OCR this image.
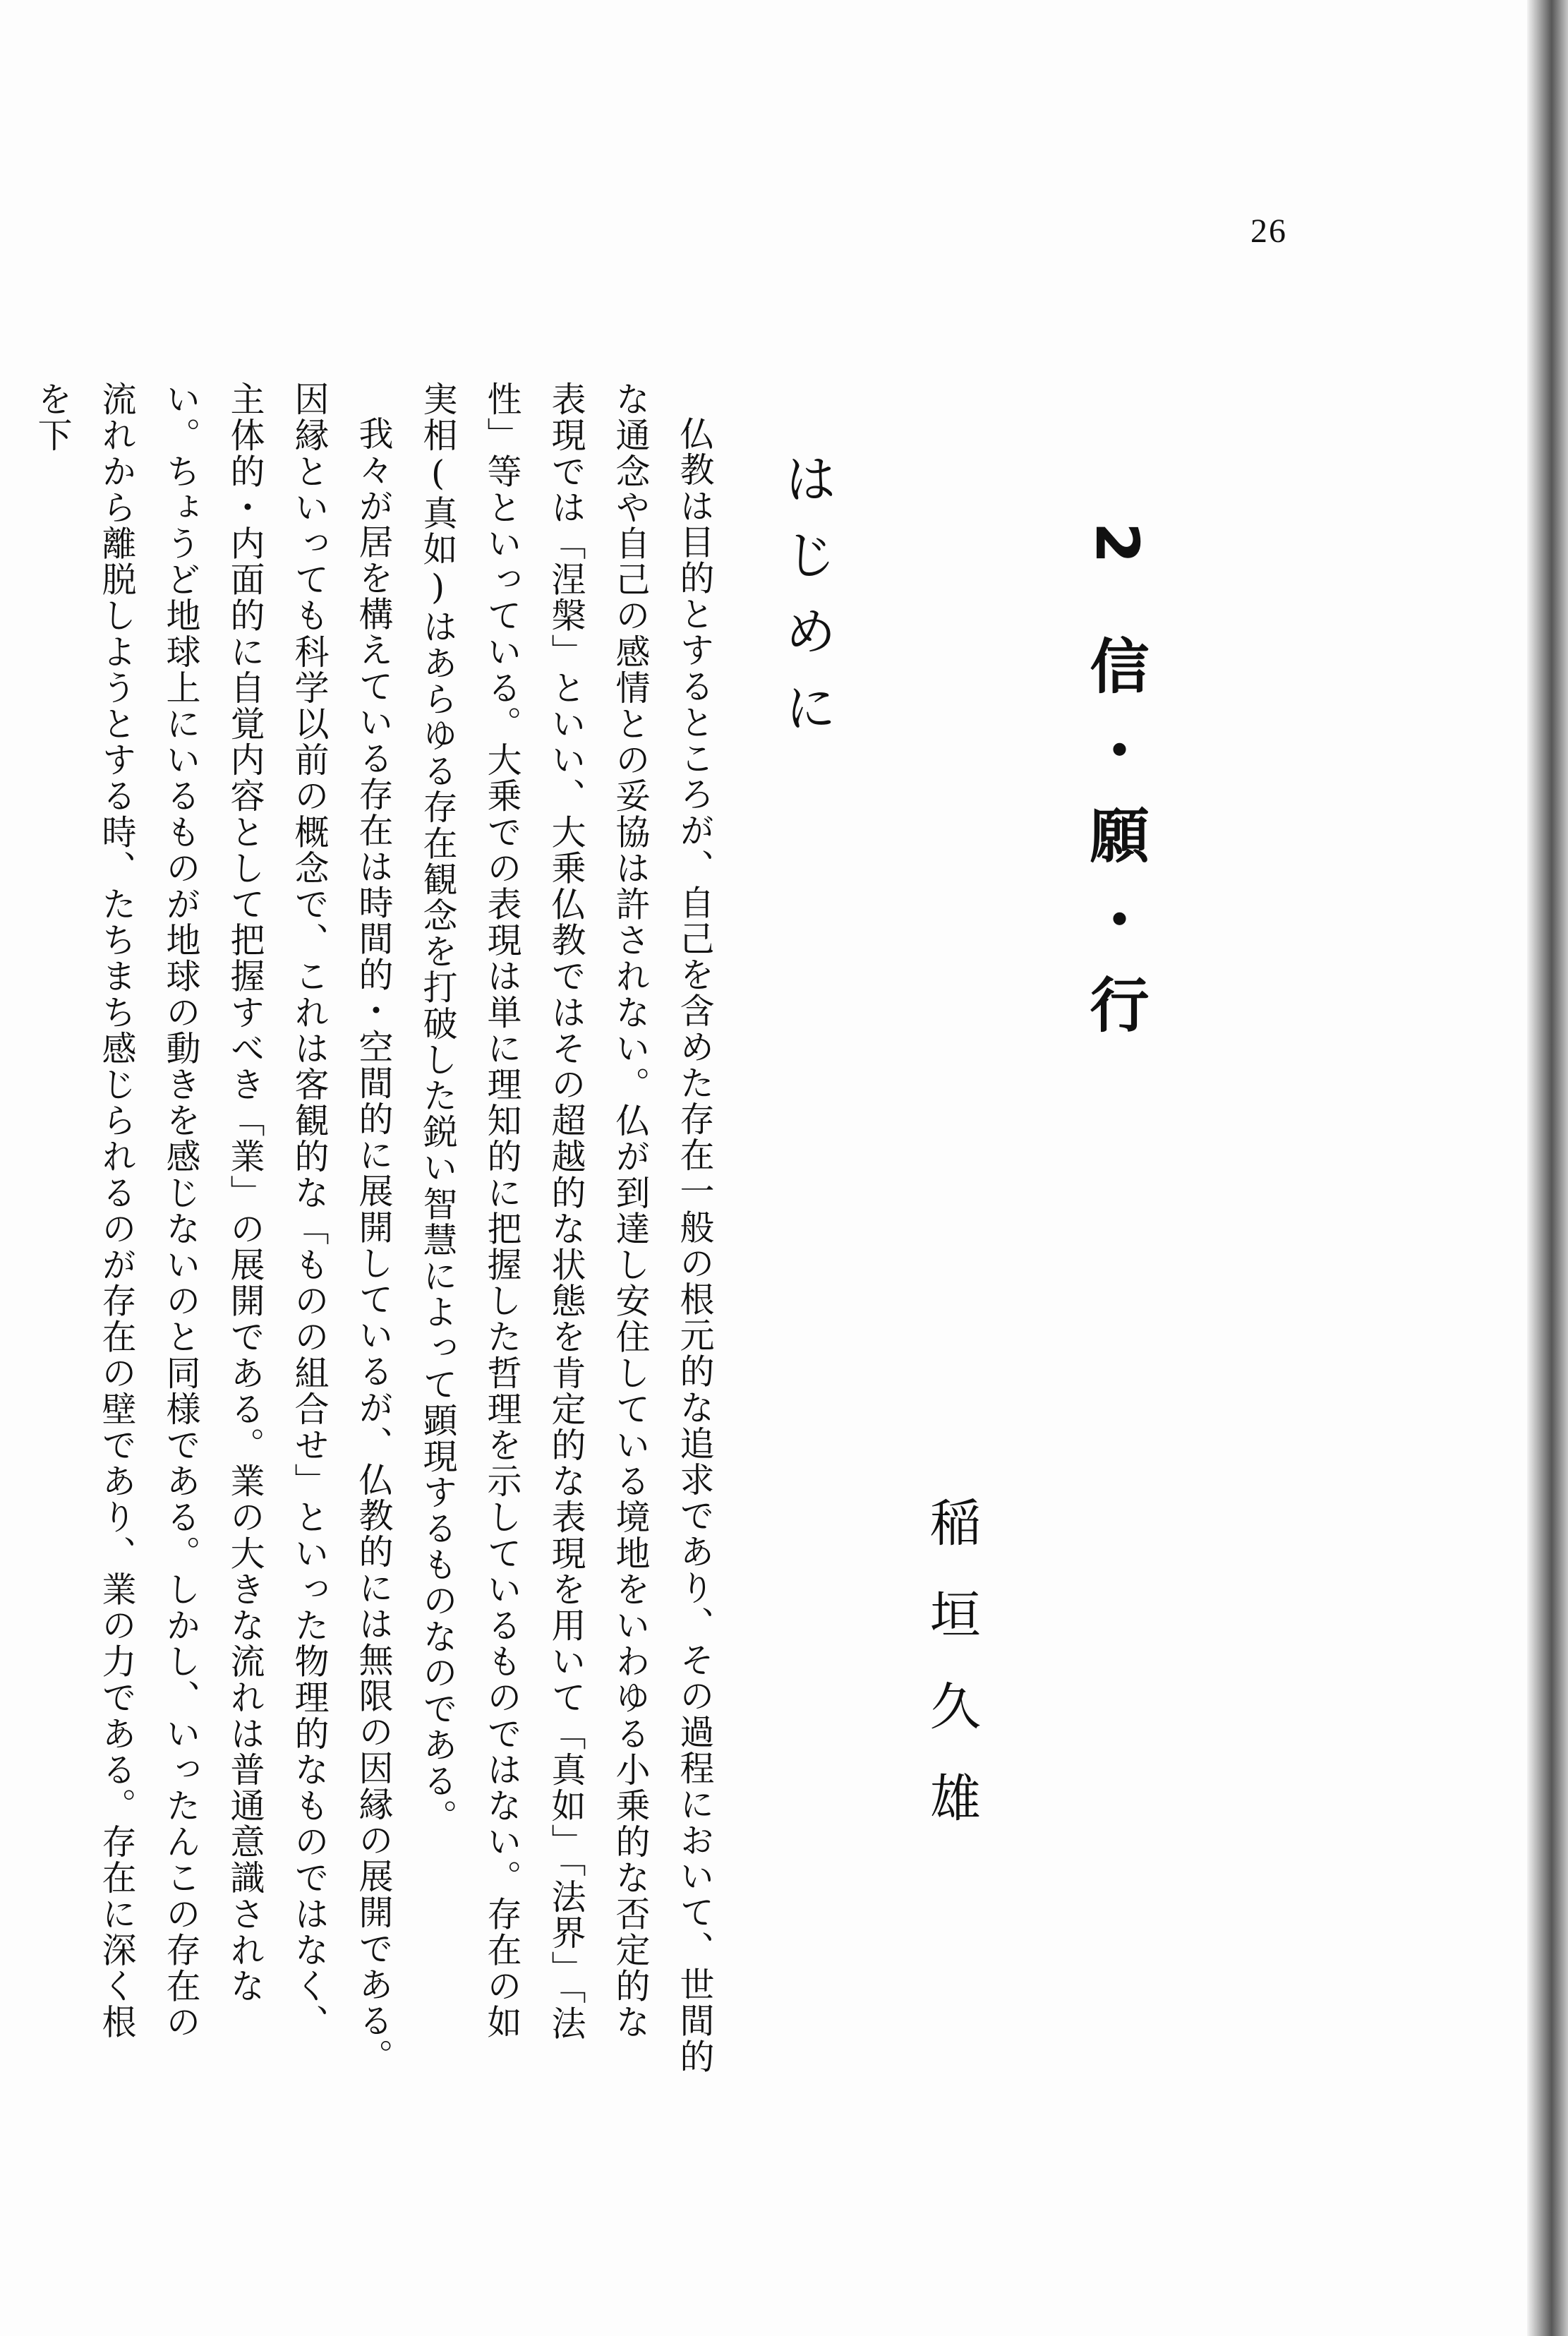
26
2
信・願・行
稲垣久雄
はじめに

仏教は目的とするところが、自己を含めた存在一般の根元的な追求であり、その過程において、世間的な通念や自己の感情との妥協は許されない。仏が到達し安住している境地をいわゆる小乗的な否定的な表現では「涅槃」といい、大乗仏教ではその超越的な状態を肯定的な表現を用いて「真如」「法界」「法性」等といっている。大乗での表現は単に理知的に把握した哲理を示しているものではない。存在の如実相(真如)はあらゆる存在観念を打破した鋭い智慧によって顕現するものなのである。

我々が居を構えている存在は時間的・空間的に展開しているが、仏教的には無限の因縁の展開である。因縁といっても科学以前の概念で、これは客観的な「ものの組合せ」といった物理的なものではなく、主体的・内面的に自覚内容として把握すべき「業」の展開である。業の大きな流れは普通意識されない。ちょうど地球上にいるものが地球の動きを感じないのと同様である。しかし、いったんこの存在の流れから離脱しようとする時、たちまち感じられるのが存在の壁であり、業の力である。存在に深く根を下
